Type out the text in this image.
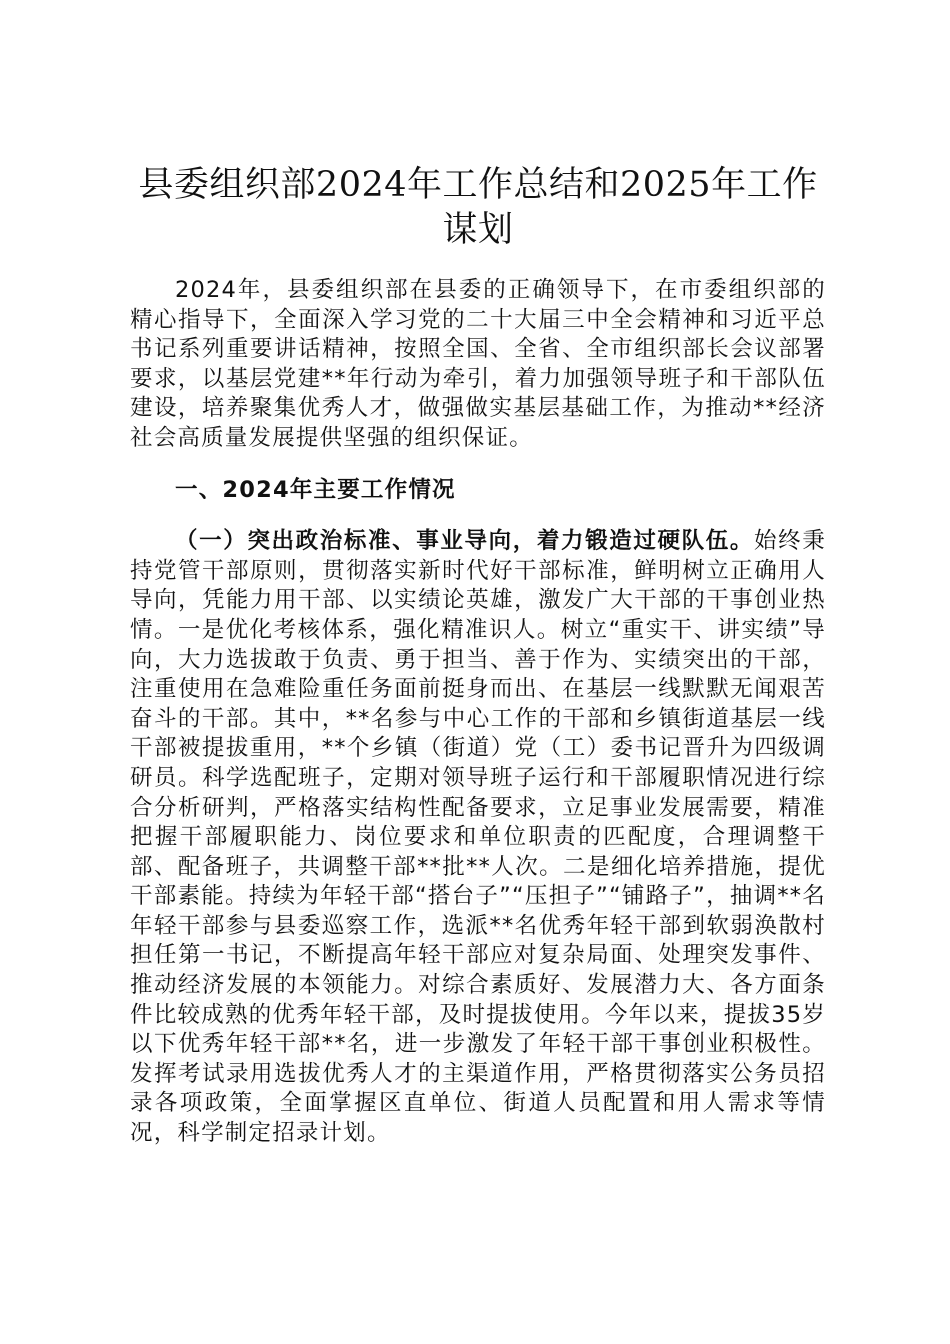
县委组织部2024年工作总结和2025年工作谋划

2024年，县委组织部在县委的正确领导下，在市委组织部的精心指导下，全面深入学习党的二十大届三中全会精神和习近平总书记系列重要讲话精神，按照全国、全省、全市组织部长会议部署要求，以基层党建**年行动为牵引，着力加强领导班子和干部队伍建设，培养聚集优秀人才，做强做实基层基础工作，为推动**经济社会高质量发展提供坚强的组织保证。

一、2024年主要工作情况

（一）突出政治标准、事业导向，着力锻造过硬队伍。始终秉持党管干部原则，贯彻落实新时代好干部标准，鲜明树立正确用人导向，凭能力用干部、以实绩论英雄，激发广大干部的干事创业热情。一是优化考核体系，强化精准识人。树立“重实干、讲实绩”导向，大力选拔敢于负责、勇于担当、善于作为、实绩突出的干部，注重使用在急难险重任务面前挺身而出、在基层一线默默无闻艰苦奋斗的干部。其中，**名参与中心工作的干部和乡镇街道基层一线干部被提拔重用，**个乡镇（街道）党（工）委书记晋升为四级调研员。科学选配班子，定期对领导班子运行和干部履职情况进行综合分析研判，严格落实结构性配备要求，立足事业发展需要，精准把握干部履职能力、岗位要求和单位职责的匹配度，合理调整干部、配备班子，共调整干部**批**人次。二是细化培养措施，提优干部素能。持续为年轻干部“搭台子”“压担子”“铺路子”，抽调**名年轻干部参与县委巡察工作，选派**名优秀年轻干部到软弱涣散村担任第一书记，不断提高年轻干部应对复杂局面、处理突发事件、推动经济发展的本领能力。对综合素质好、发展潜力大、各方面条件比较成熟的优秀年轻干部，及时提拔使用。今年以来，提拔35岁以下优秀年轻干部**名，进一步激发了年轻干部干事创业积极性。发挥考试录用选拔优秀人才的主渠道作用，严格贯彻落实公务员招录各项政策，全面掌握区直单位、街道人员配置和用人需求等情况，科学制定招录计划。
